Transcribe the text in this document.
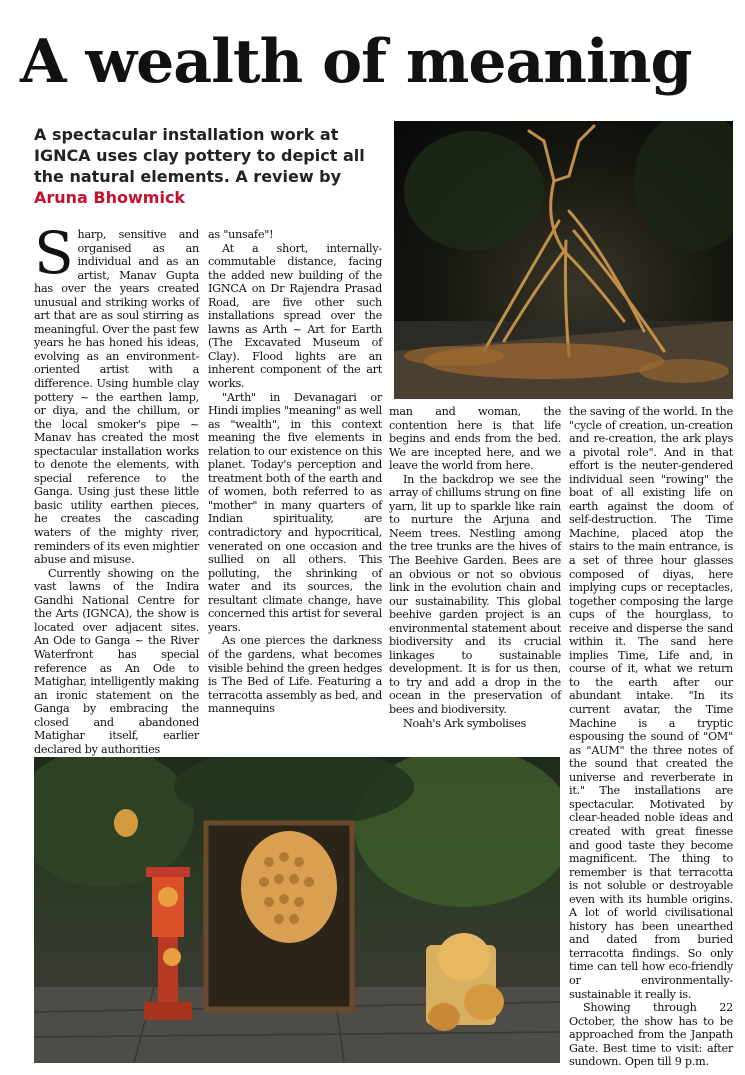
A wealth of meaning

A spectacular installation work at IGNCA uses clay pottery to depict all the natural elements. A review by Aruna Bhowmick

Sharp, sensitive and organised as an individual and as an artist, Manav Gupta has over the years created unusual and striking works of art that are as soul stirring as meaningful. Over the past few years he has honed his ideas, evolving as an environment-oriented artist with a difference. Using humble clay pottery ~ the earthen lamp, or diya, and the chillum, or the local smoker's pipe ~ Manav has created the most spectacular installation works to denote the elements, with special reference to the Ganga. Using just these little basic utility earthen pieces, he creates the cascading waters of the mighty river, reminders of its even mightier abuse and misuse.

Currently showing on the vast lawns of the Indira Gandhi National Centre for the Arts (IGNCA), the show is located over adjacent sites. An Ode to Ganga ~ the River Waterfront has special reference as An Ode to Matighar, intelligently making an ironic statement on the Ganga by embracing the closed and abandoned Matighar itself, earlier declared by authorities

as "unsafe"!

At a short, internally-commutable distance, facing the added new building of the IGNCA on Dr Rajendra Prasad Road, are five other such installations spread over the lawns as Arth ~ Art for Earth (The Excavated Museum of Clay). Flood lights are an inherent component of the art works.

"Arth" in Devanagari or Hindi implies "meaning" as well as "wealth", in this context meaning the five elements in relation to our existence on this planet. Today's perception and treatment both of the earth and of women, both referred to as "mother" in many quarters of Indian spirituality, are contradictory and hypocritical, venerated on one occasion and sullied on all others. This polluting, the shrinking of water and its sources, the resultant climate change, have concerned this artist for several years.

As one pierces the darkness of the gardens, what becomes visible behind the green hedges is The Bed of Life. Featuring a terracotta assembly as bed, and mannequins

man and woman, the contention here is that life begins and ends from the bed. We are incepted here, and we leave the world from here.

In the backdrop we see the array of chillums strung on fine yarn, lit up to sparkle like rain to nurture the Arjuna and Neem trees. Nestling among the tree trunks are the hives of The Beehive Garden. Bees are an obvious or not so obvious link in the evolution chain and our sustainability. This global beehive garden project is an environmental statement about biodiversity and its crucial linkages to sustainable development. It is for us then, to try and add a drop in the ocean in the preservation of bees and biodiversity.

Noah's Ark symbolises

the saving of the world. In the "cycle of creation, un-creation and re-creation, the ark plays a pivotal role". And in that effort is the neuter-gendered individual seen "rowing" the boat of all existing life on earth against the doom of self-destruction. The Time Machine, placed atop the stairs to the main entrance, is a set of three hour glasses composed of diyas, here implying cups or receptacles, together composing the large cups of the hourglass, to receive and disperse the sand within it. The sand here implies Time, Life and, in course of it, what we return to the earth after our abundant intake. "In its current avatar, the Time Machine is a tryptic espousing the sound of "OM" as "AUM" the three notes of the sound that created the universe and reverberate in it." The installations are spectacular. Motivated by clear-headed noble ideas and created with great finesse and good taste they become magnificent. The thing to remember is that terracotta is not soluble or destroyable even with its humble origins. A lot of world civilisational history has been unearthed and dated from buried terracotta findings. So only time can tell how eco-friendly or environmentally-sustainable it really is.

Showing through 22 October, the show has to be approached from the Janpath Gate. Best time to visit: after sundown. Open till 9 p.m.
